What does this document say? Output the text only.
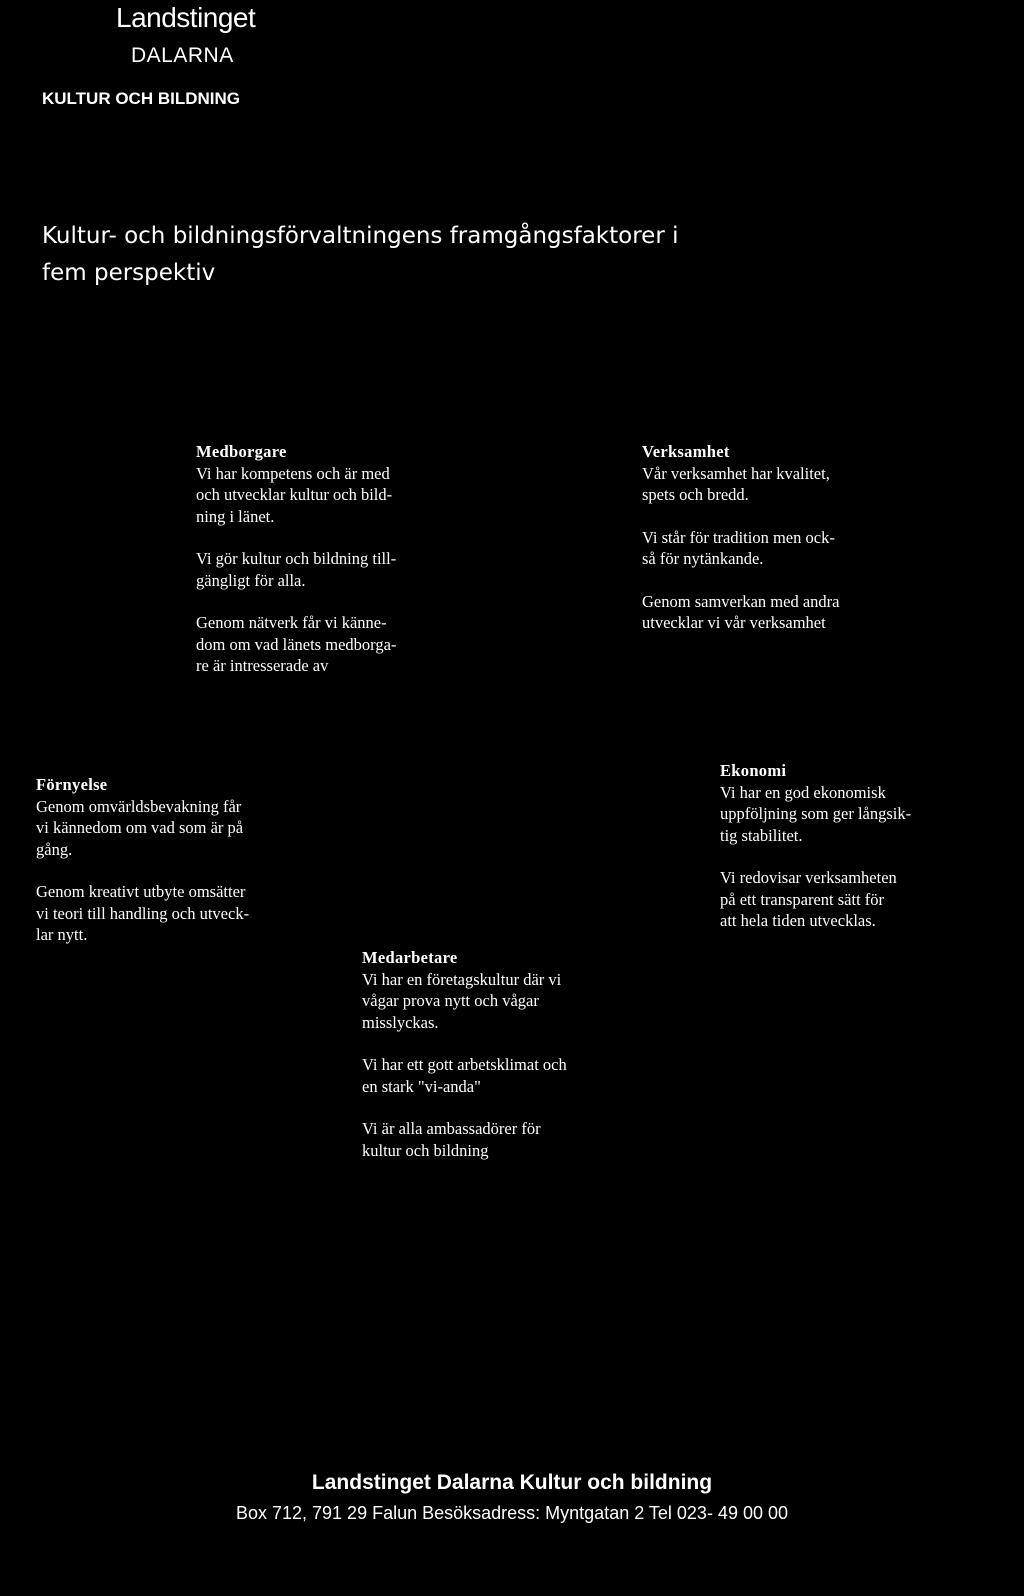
Landstinget
DALARNA
KULTUR OCH BILDNING
Kultur- och bildningsförvaltningens framgångsfaktorer i
fem perspektiv
Medborgare

Vi har kompetens och är med
och utvecklar kultur och bild-
ning i länet.

Vi gör kultur och bildning till-
gängligt för alla.

Genom nätverk får vi känne-
dom om vad länets medborga-
re är intresserade av

Verksamhet

Vår verksamhet har kvalitet,
spets och bredd.

Vi står för tradition men ock-
så för nytänkande.

Genom samverkan med andra
utvecklar vi vår verksamhet

Förnyelse

Genom omvärldsbevakning får
vi kännedom om vad som är på
gång.

Genom kreativt utbyte omsätter
vi teori till handling och utveck-
lar nytt.

Ekonomi

Vi har en god ekonomisk
uppföljning som ger långsik-
tig stabilitet.

Vi redovisar verksamheten
på ett transparent sätt för
att hela tiden utvecklas.

Medarbetare

Vi har en företagskultur där vi
vågar prova nytt och vågar
misslyckas.

Vi har ett gott arbetsklimat och
en stark "vi-anda"

Vi är alla ambassadörer för
kultur och bildning

Landstinget Dalarna Kultur och bildning
Box 712, 791 29 Falun Besöksadress: Myntgatan 2 Tel 023- 49 00 00
